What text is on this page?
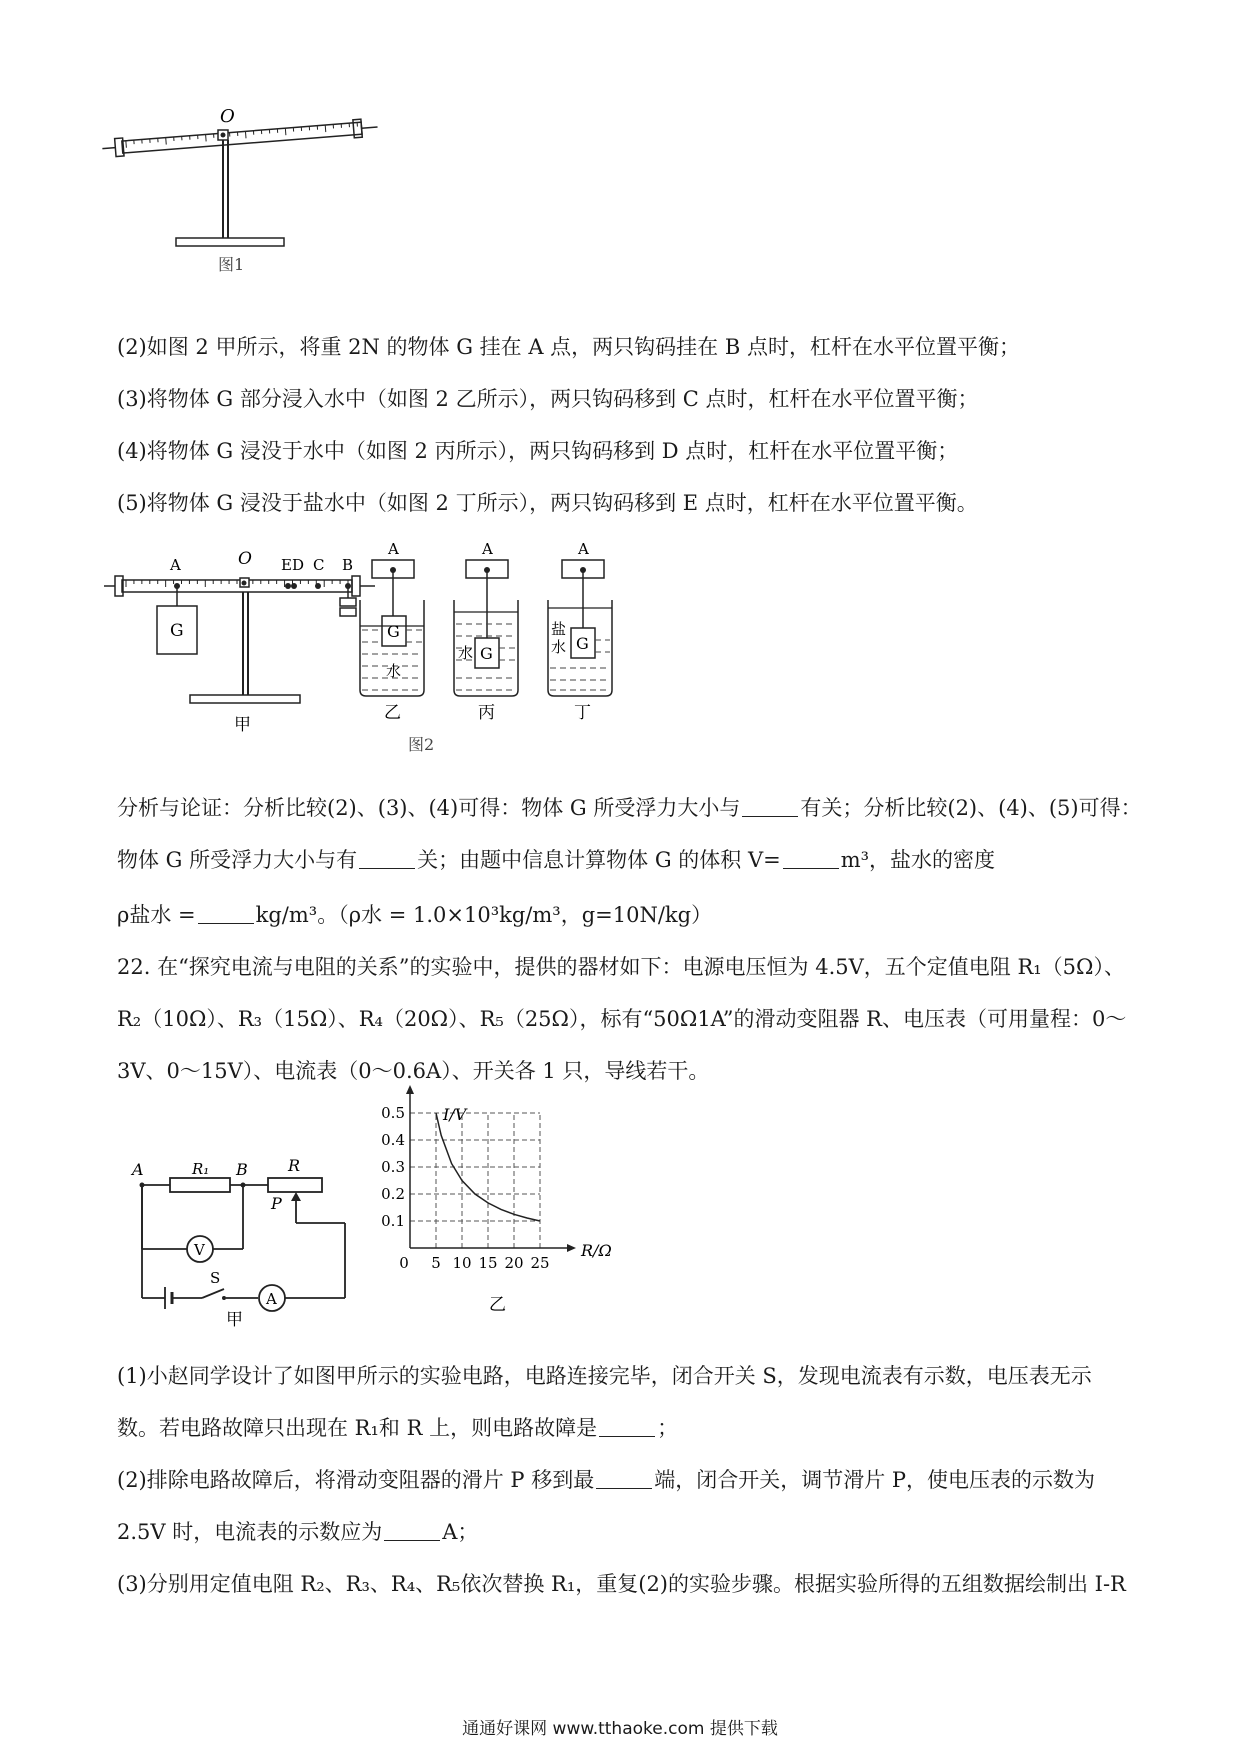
O
图1
(2)如图 2 甲所示，将重 2N 的物体 G 挂在 A 点，两只钩码挂在 B 点时，杠杆在水平位置平衡；
(3)将物体 G 部分浸入水中（如图 2 乙所示），两只钩码移到 C 点时，杠杆在水平位置平衡；
(4)将物体 G 浸没于水中（如图 2 丙所示），两只钩码移到 D 点时，杠杆在水平位置平衡；
(5)将物体 G 浸没于盐水中（如图 2 丁所示），两只钩码移到 E 点时，杠杆在水平位置平衡。
A	O ED C B
G
甲
A
G
水
乙
A
G
水
丙
A
G
盐
水
丁
图2
分析与论证：分析比较(2)、(3)、(4)可得：物体 G 所受浮力大小与	有关；分析比较(2)、(4)、(5)可得：
物体 G 所受浮力大小与有	关；由题中信息计算物体 G 的体积 V=	m³，盐水的密度
ρ盐水 =	kg/m³。（ρ水 = 1.0×10³kg/m³，g=10N/kg）
22. 在“探究电流与电阻的关系”的实验中，提供的器材如下：电源电压恒为 4.5V，五个定值电阻 R₁（5Ω）、
R₂（10Ω）、R₃（15Ω）、R₄（20Ω）、R₅（25Ω），标有“50Ω1A”的滑动变阻器 R、电压表（可用量程：0～
3V、0～15V）、电流表（0～0.6A）、开关各 1 只，导线若干。
A	R₁ B	R
P
V
S
A
甲
0 5 10 15 20 25
0.1
0.2
0.3
0.4
0.5 I/V
R/Ω
乙
(1)小赵同学设计了如图甲所示的实验电路，电路连接完毕，闭合开关 S，发现电流表有示数，电压表无示
数。若电路故障只出现在 R₁和 R 上，则电路故障是	；
(2)排除电路故障后，将滑动变阻器的滑片 P 移到最	端，闭合开关，调节滑片 P，使电压表的示数为
2.5V 时，电流表的示数应为	A；
(3)分别用定值电阻 R₂、R₃、R₄、R₅依次替换 R₁，重复(2)的实验步骤。根据实验所得的五组数据绘制出 I-R
通通好课网 www.tthaoke.com 提供下载
